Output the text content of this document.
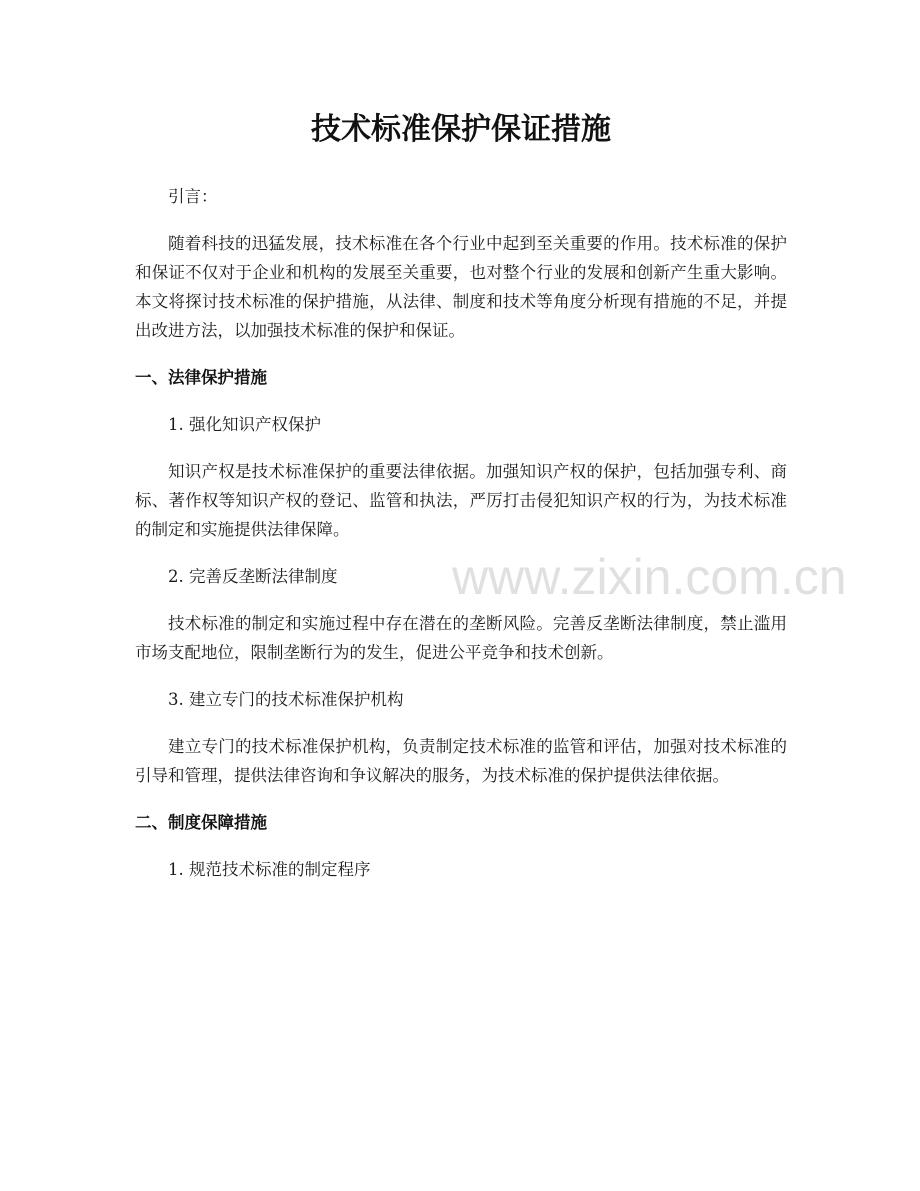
技术标准保护保证措施

引言：

随着科技的迅猛发展，技术标准在各个行业中起到至关重要的作用。技术标准的保护和保证不仅对于企业和机构的发展至关重要，也对整个行业的发展和创新产生重大影响。本文将探讨技术标准的保护措施，从法律、制度和技术等角度分析现有措施的不足，并提出改进方法，以加强技术标准的保护和保证。

一、法律保护措施

1. 强化知识产权保护

知识产权是技术标准保护的重要法律依据。加强知识产权的保护，包括加强专利、商标、著作权等知识产权的登记、监管和执法，严厉打击侵犯知识产权的行为，为技术标准的制定和实施提供法律保障。

2. 完善反垄断法律制度

技术标准的制定和实施过程中存在潜在的垄断风险。完善反垄断法律制度，禁止滥用市场支配地位，限制垄断行为的发生，促进公平竞争和技术创新。

3. 建立专门的技术标准保护机构

建立专门的技术标准保护机构，负责制定技术标准的监管和评估，加强对技术标准的引导和管理，提供法律咨询和争议解决的服务，为技术标准的保护提供法律依据。

二、制度保障措施

1. 规范技术标准的制定程序

www.zixin.com.cn
